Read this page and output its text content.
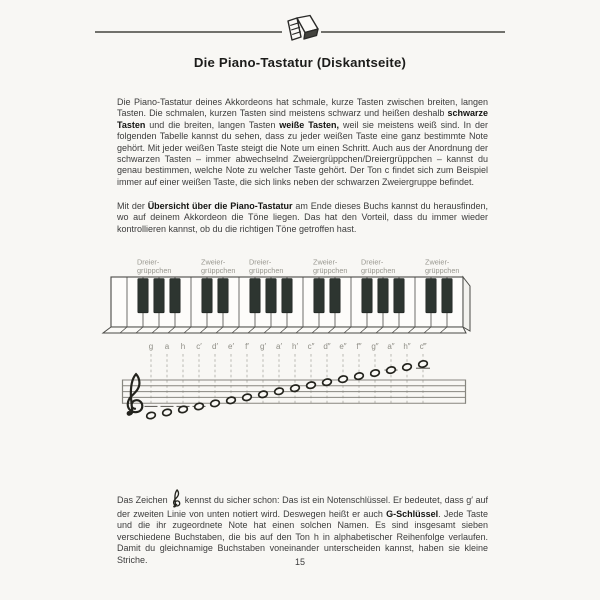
Die Piano-Tastatur (Diskantseite)

Die Piano-Tastatur deines Akkordeons hat schmale, kurze Tasten zwischen breiten, langen Tasten. Die schmalen, kurzen Tasten sind meistens schwarz und heißen deshalb schwarze Tasten und die breiten, langen Tasten weiße Tasten, weil sie meistens weiß sind. In der folgenden Tabelle kannst du sehen, dass zu jeder weißen Taste eine ganz bestimmte Note gehört. Mit jeder weißen Taste steigt die Note um einen Schritt. Auch aus der Anordnung der schwarzen Tasten – immer abwechselnd Zweiergrüppchen/Dreiergrüppchen – kannst du genau bestimmen, welche Note zu welcher Taste gehört. Der Ton c findet sich zum Beispiel immer auf einer weißen Taste, die sich links neben der schwarzen Zweiergruppe befindet.

Mit der Übersicht über die Piano-Tastatur am Ende dieses Buchs kannst du herausfinden, wo auf deinem Akkordeon die Töne liegen. Das hat den Vorteil, dass du immer wieder kontrollieren kannst, ob du die richtigen Töne getroffen hast.

Das Zeichen  kennst du sicher schon: Das ist ein Notenschlüssel. Er bedeutet, dass g′ auf der zweiten Linie von unten notiert wird. Deswegen heißt er auch G-Schlüssel. Jede Taste und die ihr zugeordnete Note hat einen solchen Namen. Es sind insgesamt sieben verschiedene Buchstaben, die bis auf den Ton h in alphabetischer Reihenfolge verlaufen. Damit du gleichnamige Buchstaben voneinander unterscheiden kannst, haben sie kleine Striche.

Dreier-
grüppchen
Zweier-
grüppchen
Dreier-
grüppchen
Zweier-
grüppchen
Dreier-
grüppchen
Zweier-
grüppchen
g a h c′ d′ e′ f′ g′ a′ h′ c″ d″ e″ f″ g″ a″ h″ c‴
15
